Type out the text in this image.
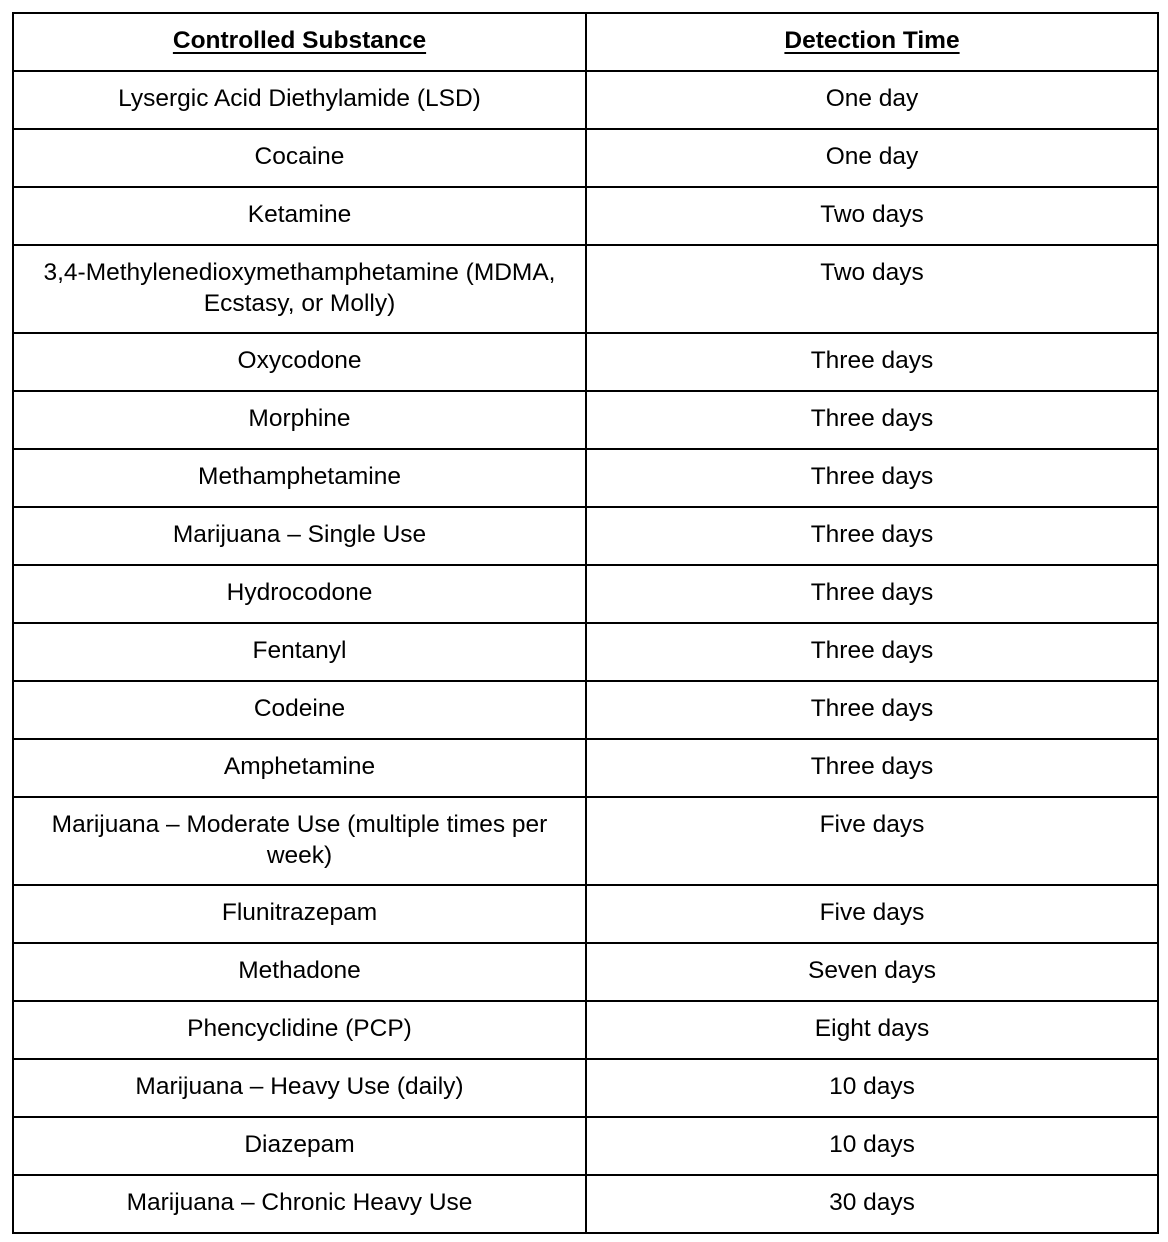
Controlled Substance	Detection Time
Lysergic Acid Diethylamide (LSD)	One day
Cocaine	One day
Ketamine	Two days
3,4-Methylenedioxymethamphetamine (MDMA, Ecstasy, or Molly)	Two days
Oxycodone	Three days
Morphine	Three days
Methamphetamine	Three days
Marijuana – Single Use	Three days
Hydrocodone	Three days
Fentanyl	Three days
Codeine	Three days
Amphetamine	Three days
Marijuana – Moderate Use (multiple times per week)	Five days
Flunitrazepam	Five days
Methadone	Seven days
Phencyclidine (PCP)	Eight days
Marijuana – Heavy Use (daily)	10 days
Diazepam	10 days
Marijuana – Chronic Heavy Use	30 days
